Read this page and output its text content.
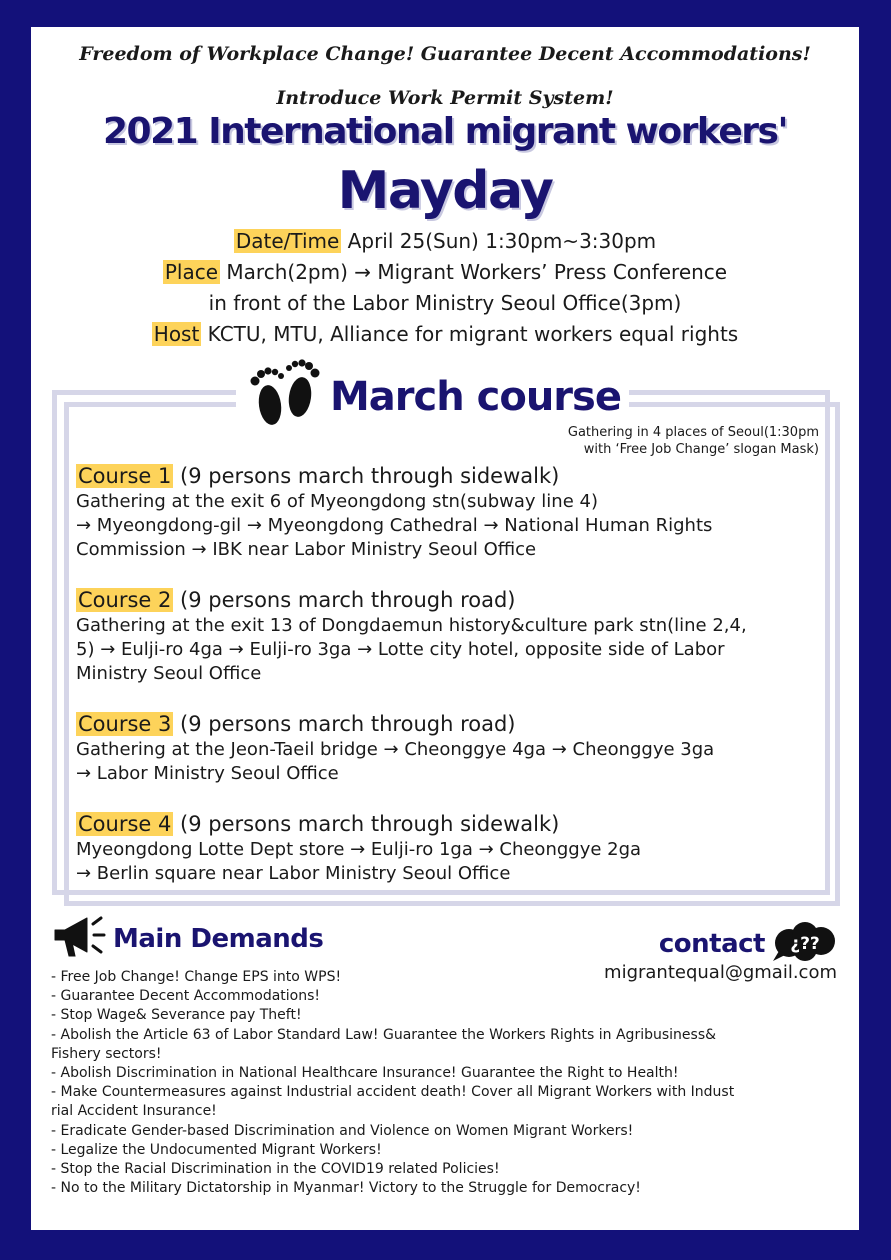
Freedom of Workplace Change! Guarantee Decent Accommodations!
Introduce Work Permit System!
2021 International migrant workers'
Mayday
Date/Time April 25(Sun) 1:30pm~3:30pm
Place March(2pm) → Migrant Workers’ Press Conference
in front of the Labor Ministry Seoul Office(3pm)
Host KCTU, MTU, Alliance for migrant workers equal rights
March course
Gathering in 4 places of Seoul(1:30pm
with ‘Free Job Change’ slogan Mask)
Course 1 (9 persons march through sidewalk)
Gathering at the exit 6 of Myeongdong stn(subway line 4)
→ Myeongdong-gil → Myeongdong Cathedral → National Human Rights
Commission → IBK near Labor Ministry Seoul Office
Course 2 (9 persons march through road)
Gathering at the exit 13 of Dongdaemun history&culture park stn(line 2,4,
5) → Eulji-ro 4ga → Eulji-ro 3ga → Lotte city hotel, opposite side of Labor
Ministry Seoul Office
Course 3 (9 persons march through road)
Gathering at the Jeon-Taeil bridge → Cheonggye 4ga → Cheonggye 3ga
→ Labor Ministry Seoul Office
Course 4 (9 persons march through sidewalk)
Myeongdong Lotte Dept store → Eulji-ro 1ga → Cheonggye 2ga
→ Berlin square near Labor Ministry Seoul Office
Main Demands	contact ¿??
migrantequal@gmail.com
- Free Job Change! Change EPS into WPS!
- Guarantee Decent Accommodations!
- Stop Wage& Severance pay Theft!
- Abolish the Article 63 of Labor Standard Law! Guarantee the Workers Rights in Agribusiness&
Fishery sectors!
- Abolish Discrimination in National Healthcare Insurance! Guarantee the Right to Health!
- Make Countermeasures against Industrial accident death! Cover all Migrant Workers with Indust
rial Accident Insurance!
- Eradicate Gender-based Discrimination and Violence on Women Migrant Workers!
- Legalize the Undocumented Migrant Workers!
- Stop the Racial Discrimination in the COVID19 related Policies!
- No to the Military Dictatorship in Myanmar! Victory to the Struggle for Democracy!
